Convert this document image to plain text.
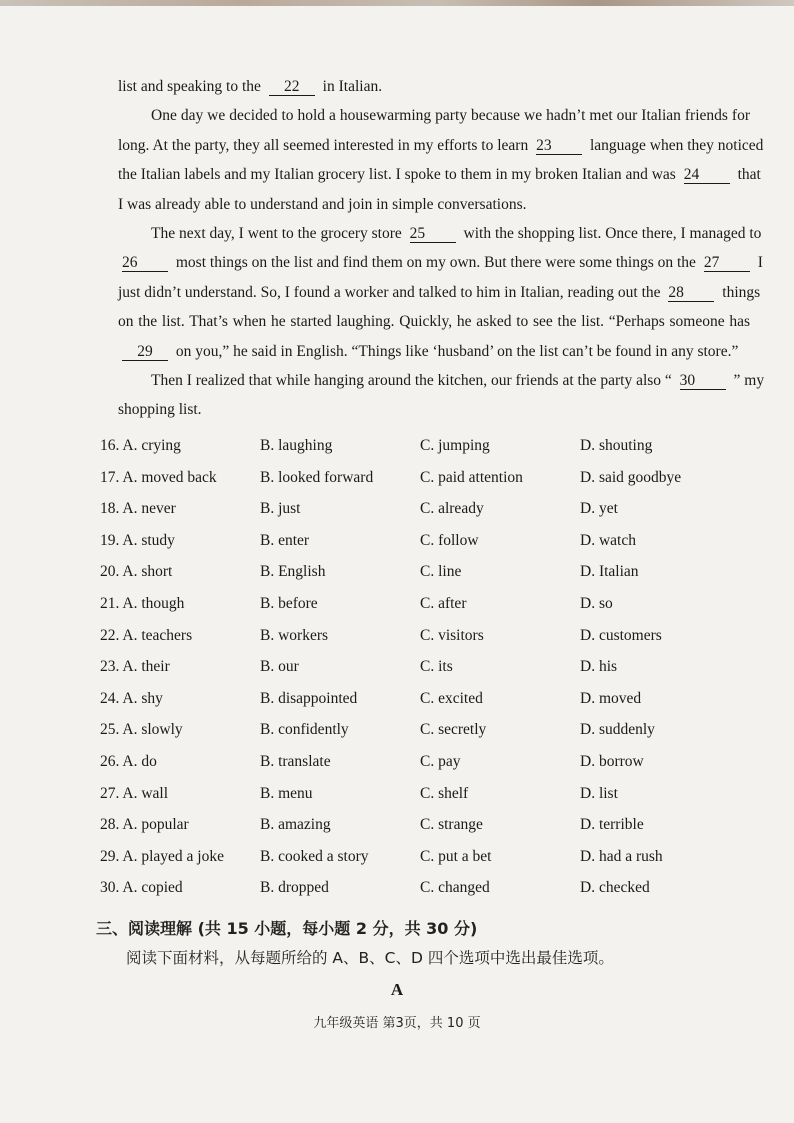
list and speaking to the 22 in Italian.
One day we decided to hold a housewarming party because we hadn’t met our Italian friends for
long. At the party, they all seemed interested in my efforts to learn 23 language when they noticed
the Italian labels and my Italian grocery list. I spoke to them in my broken Italian and was 24 that
I was already able to understand and join in simple conversations.
The next day, I went to the grocery store 25 with the shopping list. Once there, I managed to
26 most things on the list and find them on my own. But there were some things on the 27 I
just didn’t understand. So, I found a worker and talked to him in Italian, reading out the 28 things
on the list. That’s when he started laughing. Quickly, he asked to see the list. “Perhaps someone has
29 on you,” he said in English. “Things like ‘husband’ on the list can’t be found in any store.”
Then I realized that while hanging around the kitchen, our friends at the party also “ 30 ” my
shopping list.
16. A. crying	B. laughing	C. jumping	D. shouting
17. A. moved back	B. looked forward	C. paid attention	D. said goodbye
18. A. never	B. just	C. already	D. yet
19. A. study	B. enter	C. follow	D. watch
20. A. short	B. English	C. line	D. Italian
21. A. though	B. before	C. after	D. so
22. A. teachers	B. workers	C. visitors	D. customers
23. A. their	B. our	C. its	D. his
24. A. shy	B. disappointed	C. excited	D. moved
25. A. slowly	B. confidently	C. secretly	D. suddenly
26. A. do	B. translate	C. pay	D. borrow
27. A. wall	B. menu	C. shelf	D. list
28. A. popular	B. amazing	C. strange	D. terrible
29. A. played a joke	B. cooked a story	C. put a bet	D. had a rush
30. A. copied	B. dropped	C. changed	D. checked
三、阅读理解 (共 15 小题，每小题 2 分，共 30 分)
阅读下面材料，从每题所给的 A、B、C、D 四个选项中选出最佳选项。
A
九年级英语 第3页，共 10 页
